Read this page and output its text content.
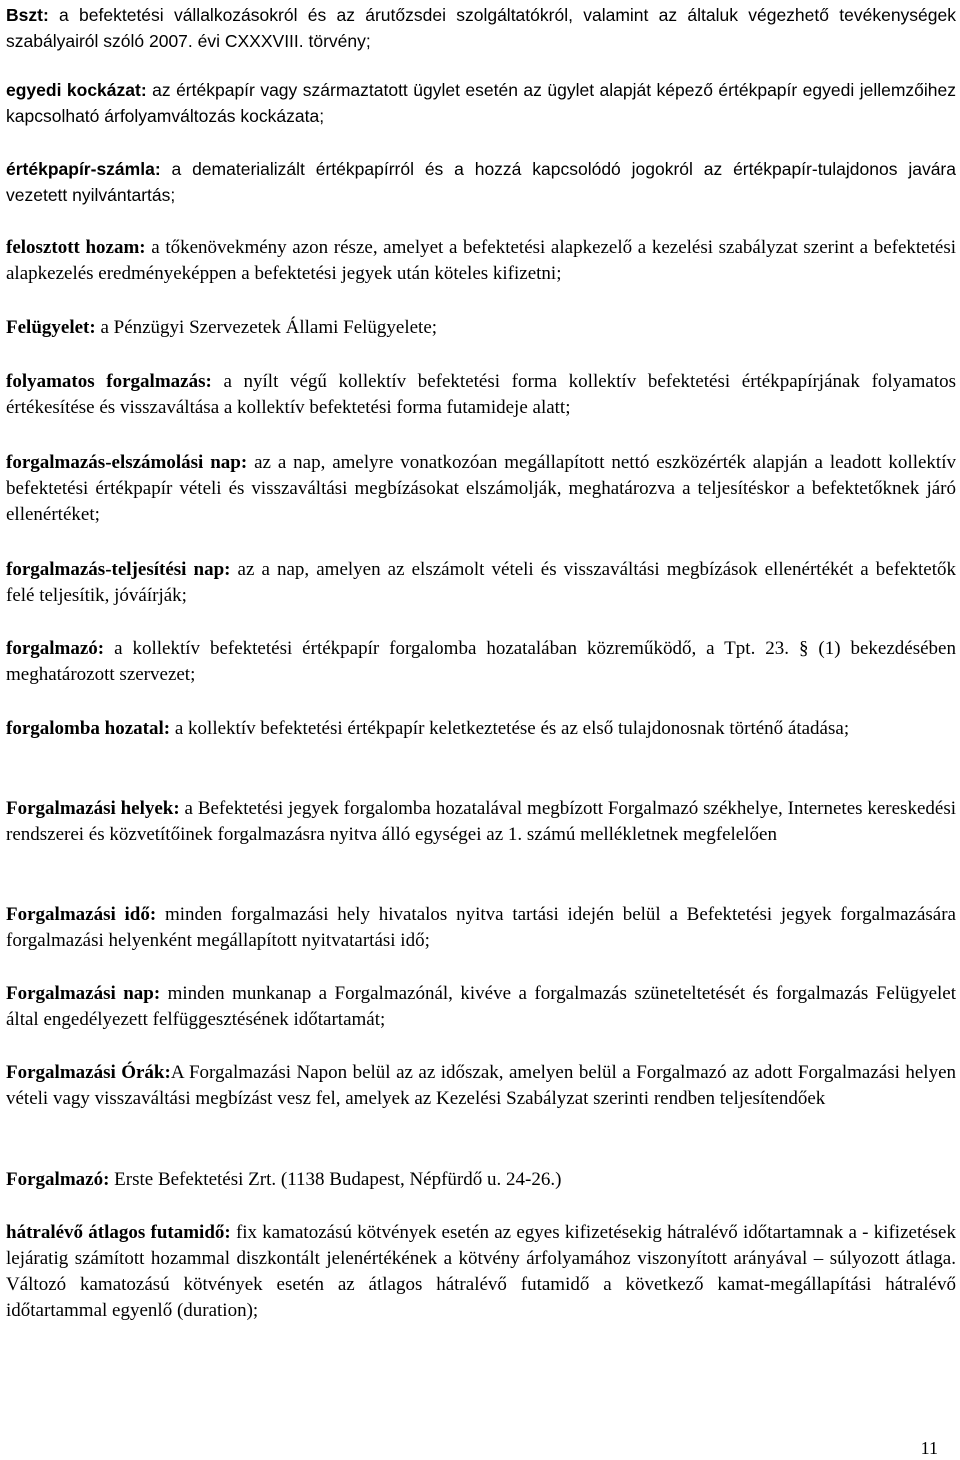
Bszt: a befektetési vállalkozásokról és az árutőzsdei szolgáltatókról, valamint az általuk végezhető tevékenységek szabályairól szóló 2007. évi CXXXVIII. törvény;

egyedi kockázat: az értékpapír vagy származtatott ügylet esetén az ügylet alapját képező értékpapír egyedi jellemzőihez kapcsolható árfolyamváltozás kockázata;

értékpapír-számla: a dematerializált értékpapírról és a hozzá kapcsolódó jogokról az értékpapír-tulajdonos javára vezetett nyilvántartás;

felosztott hozam: a tőkenövekmény azon része, amelyet a befektetési alapkezelő a kezelési szabályzat szerint a befektetési alapkezelés eredményeképpen a befektetési jegyek után köteles kifizetni;

Felügyelet: a Pénzügyi Szervezetek Állami Felügyelete;

folyamatos forgalmazás: a nyílt végű kollektív befektetési forma kollektív befektetési értékpapírjának folyamatos értékesítése és visszaváltása a kollektív befektetési forma futamideje alatt;

forgalmazás-elszámolási nap: az a nap, amelyre vonatkozóan megállapított nettó eszközérték alapján a leadott kollektív befektetési értékpapír vételi és visszaváltási megbízásokat elszámolják, meghatározva a teljesítéskor a befektetőknek járó ellenértéket;

forgalmazás-teljesítési nap: az a nap, amelyen az elszámolt vételi és visszaváltási megbízások ellenértékét a befektetők felé teljesítik, jóváírják;

forgalmazó: a kollektív befektetési értékpapír forgalomba hozatalában közreműködő, a Tpt. 23. § (1) bekezdésében meghatározott szervezet;

forgalomba hozatal: a kollektív befektetési értékpapír keletkeztetése és az első tulajdonosnak történő átadása;

Forgalmazási helyek: a Befektetési jegyek forgalomba hozatalával megbízott Forgalmazó székhelye, Internetes kereskedési rendszerei és közvetítőinek forgalmazásra nyitva álló egységei az 1. számú mellékletnek megfelelően

Forgalmazási idő: minden forgalmazási hely hivatalos nyitva tartási idején belül a Befektetési jegyek forgalmazására forgalmazási helyenként megállapított nyitvatartási idő;

Forgalmazási nap: minden munkanap a Forgalmazónál, kivéve a forgalmazás szüneteltetését és forgalmazás Felügyelet által engedélyezett felfüggesztésének időtartamát;

Forgalmazási Órák:A Forgalmazási Napon belül az az időszak, amelyen belül a Forgalmazó az adott Forgalmazási helyen vételi vagy visszaváltási megbízást vesz fel, amelyek az Kezelési Szabályzat szerinti rendben teljesítendőek

Forgalmazó: Erste Befektetési Zrt. (1138 Budapest, Népfürdő u. 24-26.)

hátralévő átlagos futamidő: fix kamatozású kötvények esetén az egyes kifizetésekig hátralévő időtartamnak a - kifizetések lejáratig számított hozammal diszkontált jelenértékének a kötvény árfolyamához viszonyított arányával – súlyozott átlaga. Változó kamatozású kötvények esetén az átlagos hátralévő futamidő a következő kamat-megállapítási hátralévő időtartammal egyenlő (duration);

11
